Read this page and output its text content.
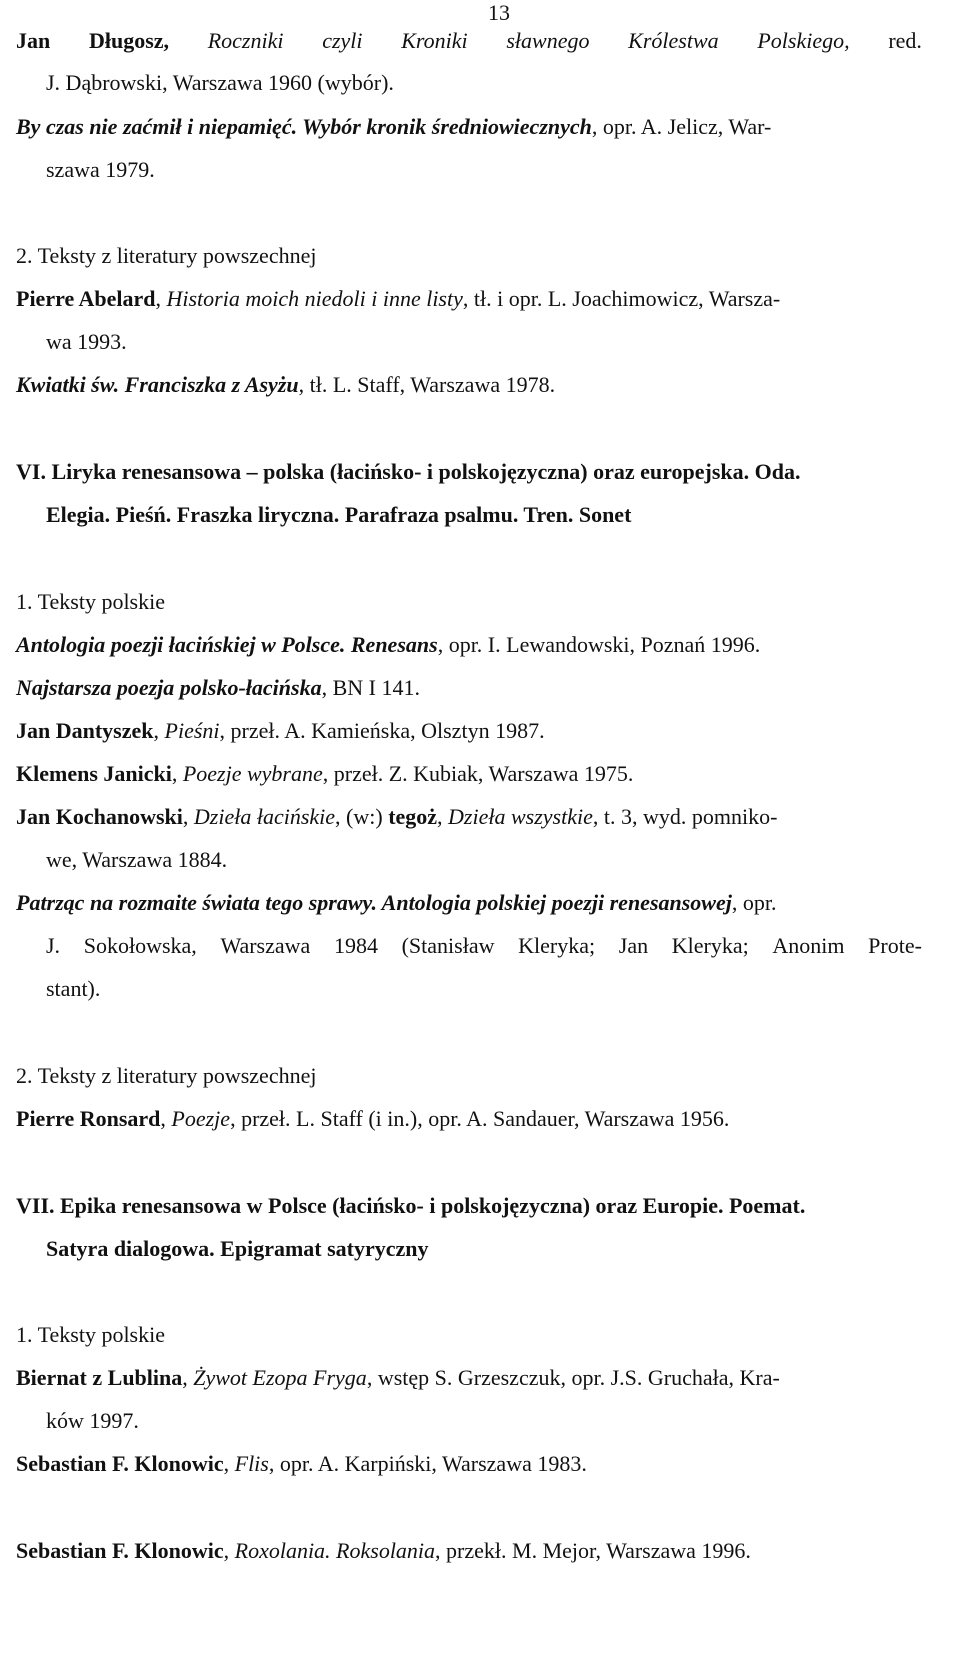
13
Jan Długosz, Roczniki czyli Kroniki sławnego Królestwa Polskiego, red.
J. Dąbrowski, Warszawa 1960 (wybór).
By czas nie zaćmił i niepamięć. Wybór kronik średniowiecznych, opr. A. Jelicz, War-
szawa 1979.
2. Teksty z literatury powszechnej
Pierre Abelard, Historia moich niedoli i inne listy, tł. i opr. L. Joachimowicz, Warsza-
wa 1993.
Kwiatki św. Franciszka z Asyżu, tł. L. Staff, Warszawa 1978.
VI. Liryka renesansowa – polska (łacińsko- i polskojęzyczna) oraz europejska. Oda.
Elegia. Pieśń. Fraszka liryczna. Parafraza psalmu. Tren. Sonet
1. Teksty polskie
Antologia poezji łacińskiej w Polsce. Renesans, opr. I. Lewandowski, Poznań 1996.
Najstarsza poezja polsko-łacińska, BN I 141.
Jan Dantyszek, Pieśni, przeł. A. Kamieńska, Olsztyn 1987.
Klemens Janicki, Poezje wybrane, przeł. Z. Kubiak, Warszawa 1975.
Jan Kochanowski, Dzieła łacińskie, (w:) tegoż, Dzieła wszystkie, t. 3, wyd. pomniko-
we, Warszawa 1884.
Patrząc na rozmaite świata tego sprawy. Antologia polskiej poezji renesansowej, opr.
J. Sokołowska, Warszawa 1984 (Stanisław Kleryka; Jan Kleryka; Anonim Prote-
stant).
2. Teksty z literatury powszechnej
Pierre Ronsard, Poezje, przeł. L. Staff (i in.), opr. A. Sandauer, Warszawa 1956.
VII. Epika renesansowa w Polsce (łacińsko- i polskojęzyczna) oraz Europie. Poemat.
Satyra dialogowa. Epigramat satyryczny
1. Teksty polskie
Biernat z Lublina, Żywot Ezopa Fryga, wstęp S. Grzeszczuk, opr. J.S. Gruchała, Kra-
ków 1997.
Sebastian F. Klonowic, Flis, opr. A. Karpiński, Warszawa 1983.
Sebastian F. Klonowic, Roxolania. Roksolania, przekł. M. Mejor, Warszawa 1996.
